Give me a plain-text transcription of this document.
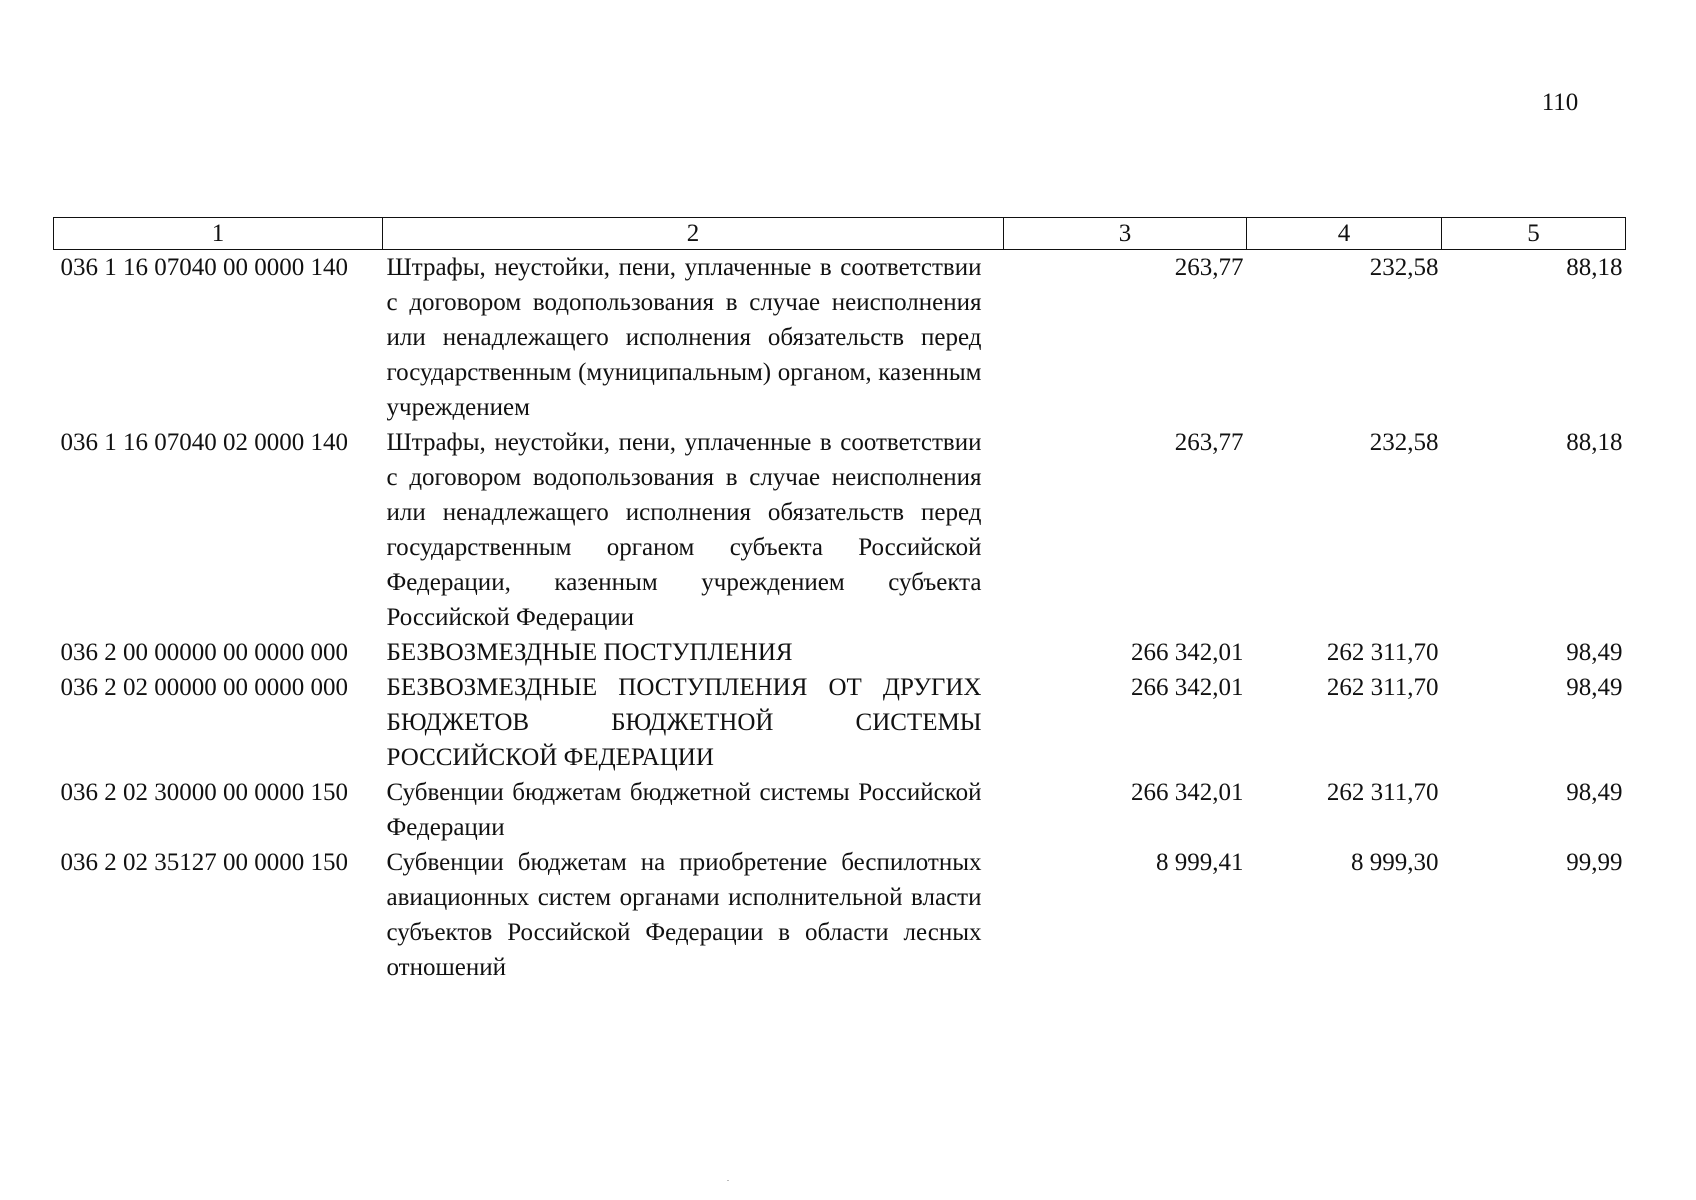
110
1	2	3	4	5
036 1 16 07040 00 0000 140	Штрафы, неустойки, пени, уплаченные в соответствии с договором водопользования в случае неисполнения или ненадлежащего исполнения обязательств перед государственным (муниципальным) органом, казенным учреждением	263,77	232,58	88,18
036 1 16 07040 02 0000 140	Штрафы, неустойки, пени, уплаченные в соответствии с договором водопользования в случае неисполнения или ненадлежащего исполнения обязательств перед государственным органом субъекта Российской Федерации, казенным учреждением субъекта Российской Федерации	263,77	232,58	88,18
036 2 00 00000 00 0000 000	БЕЗВОЗМЕЗДНЫЕ ПОСТУПЛЕНИЯ	266 342,01	262 311,70	98,49
036 2 02 00000 00 0000 000	БЕЗВОЗМЕЗДНЫЕ ПОСТУПЛЕНИЯ ОТ ДРУГИХ БЮДЖЕТОВ БЮДЖЕТНОЙ СИСТЕМЫ РОССИЙСКОЙ ФЕДЕРАЦИИ	266 342,01	262 311,70	98,49
036 2 02 30000 00 0000 150	Субвенции бюджетам бюджетной системы Российской Федерации	266 342,01	262 311,70	98,49
036 2 02 35127 00 0000 150	Субвенции бюджетам на приобретение беспилотных авиационных систем органами исполнительной власти субъектов Российской Федерации в области лесных отношений	8 999,41	8 999,30	99,99
